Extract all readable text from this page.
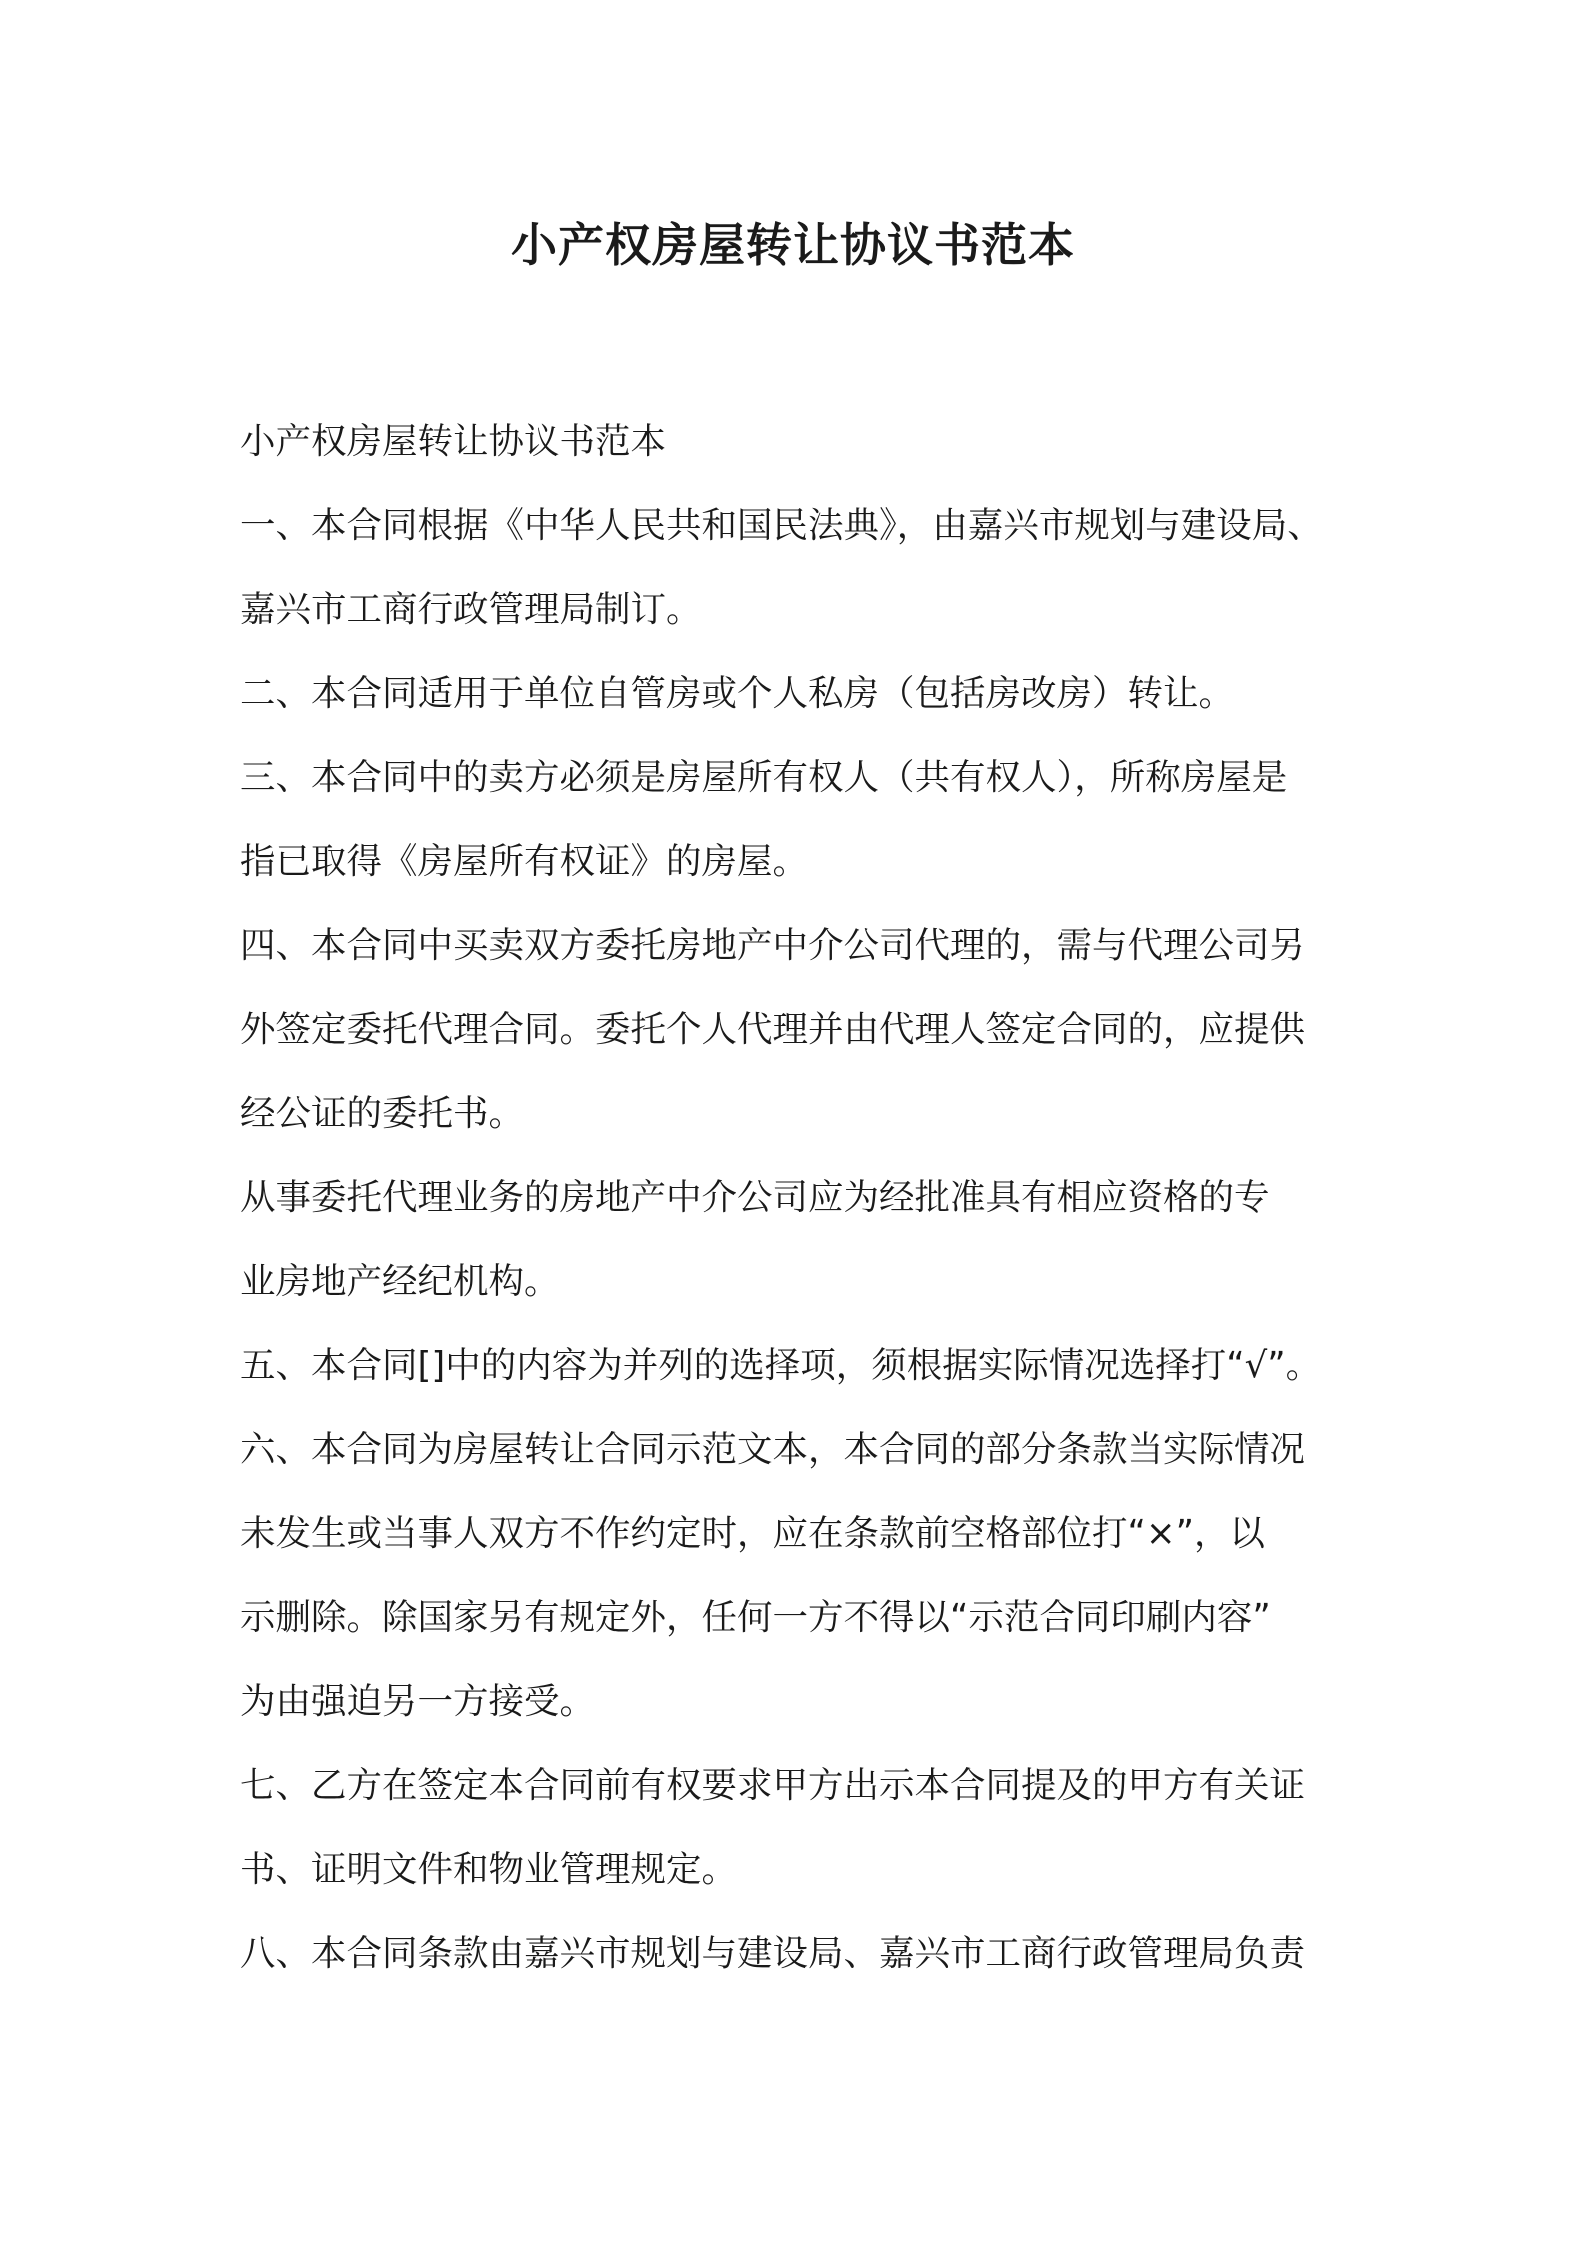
小产权房屋转让协议书范本

小产权房屋转让协议书范本

一、本合同根据《中华人民共和国民法典》，由嘉兴市规划与建设局、

嘉兴市工商行政管理局制订。

二、本合同适用于单位自管房或个人私房（包括房改房）转让。

三、本合同中的卖方必须是房屋所有权人（共有权人），所称房屋是

指已取得《房屋所有权证》的房屋。

四、本合同中买卖双方委托房地产中介公司代理的，需与代理公司另

外签定委托代理合同。委托个人代理并由代理人签定合同的，应提供

经公证的委托书。

从事委托代理业务的房地产中介公司应为经批准具有相应资格的专

业房地产经纪机构。

五、本合同[]中的内容为并列的选择项，须根据实际情况选择打“√”。

六、本合同为房屋转让合同示范文本，本合同的部分条款当实际情况

未发生或当事人双方不作约定时，应在条款前空格部位打“×”，以

示删除。除国家另有规定外，任何一方不得以“示范合同印刷内容”

为由强迫另一方接受。

七、乙方在签定本合同前有权要求甲方出示本合同提及的甲方有关证

书、证明文件和物业管理规定。

八、本合同条款由嘉兴市规划与建设局、嘉兴市工商行政管理局负责
